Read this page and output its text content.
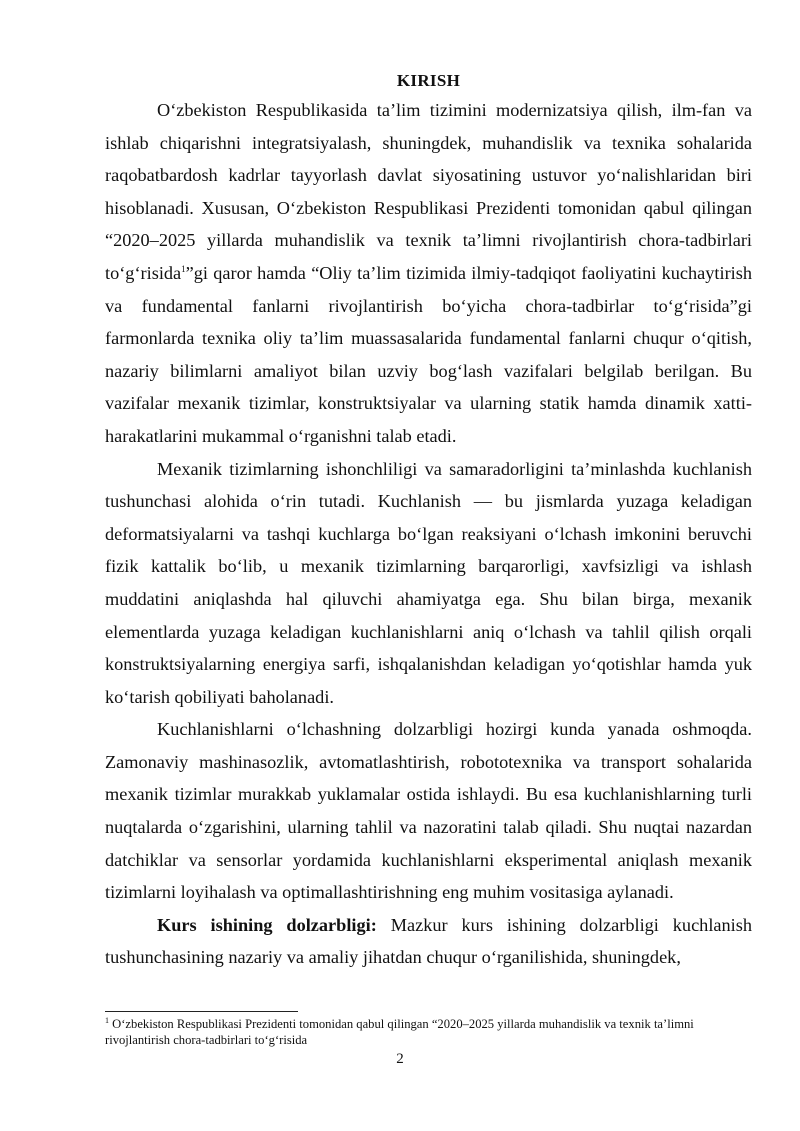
KIRISH

O‘zbekiston Respublikasida ta’lim tizimini modernizatsiya qilish, ilm-fan va ishlab chiqarishni integratsiyalash, shuningdek, muhandislik va texnika sohalarida raqobatbardosh kadrlar tayyorlash davlat siyosatining ustuvor yo‘nalishlaridan biri hisoblanadi. Xususan, O‘zbekiston Respublikasi Prezidenti tomonidan qabul qilingan “2020–2025 yillarda muhandislik va texnik ta’limni rivojlantirish chora-tadbirlari to‘g‘risida$^1$”gi qaror hamda “Oliy ta’lim tizimida ilmiy-tadqiqot faoliyatini kuchaytirish va fundamental fanlarni rivojlantirish bo‘yicha chora-tadbirlar to‘g‘risida”gi farmonlarda texnika oliy ta’lim muassasalarida fundamental fanlarni chuqur o‘qitish, nazariy bilimlarni amaliyot bilan uzviy bog‘lash vazifalari belgilab berilgan. Bu vazifalar mexanik tizimlar, konstruktsiyalar va ularning statik hamda dinamik xatti-harakatlarini mukammal o‘rganishni talab etadi.

Mexanik tizimlarning ishonchliligi va samaradorligini ta’minlashda kuchlanish tushunchasi alohida o‘rin tutadi. Kuchlanish — bu jismlarda yuzaga keladigan deformatsiyalarni va tashqi kuchlarga bo‘lgan reaksiyani o‘lchash imkonini beruvchi fizik kattalik bo‘lib, u mexanik tizimlarning barqarorligi, xavfsizligi va ishlash muddatini aniqlashda hal qiluvchi ahamiyatga ega. Shu bilan birga, mexanik elementlarda yuzaga keladigan kuchlanishlarni aniq o‘lchash va tahlil qilish orqali konstruktsiyalarning energiya sarfi, ishqalanishdan keladigan yo‘qotishlar hamda yuk ko‘tarish qobiliyati baholanadi.

Kuchlanishlarni o‘lchashning dolzarbligi hozirgi kunda yanada oshmoqda. Zamonaviy mashinasozlik, avtomatlashtirish, robototexnika va transport sohalarida mexanik tizimlar murakkab yuklamalar ostida ishlaydi. Bu esa kuchlanishlarning turli nuqtalarda o‘zgarishini, ularning tahlil va nazoratini talab qiladi. Shu nuqtai nazardan datchiklar va sensorlar yordamida kuchlanishlarni eksperimental aniqlash mexanik tizimlarni loyihalash va optimallashtirishning eng muhim vositasiga aylanadi.

Kurs ishining dolzarbligi: Mazkur kurs ishining dolzarbligi kuchlanish tushunchasining nazariy va amaliy jihatdan chuqur o‘rganilishida, shuningdek,

$^1$ O‘zbekiston Respublikasi Prezidenti tomonidan qabul qilingan “2020–2025 yillarda muhandislik va texnik ta’limni rivojlantirish chora-tadbirlari to‘g‘risida
2
